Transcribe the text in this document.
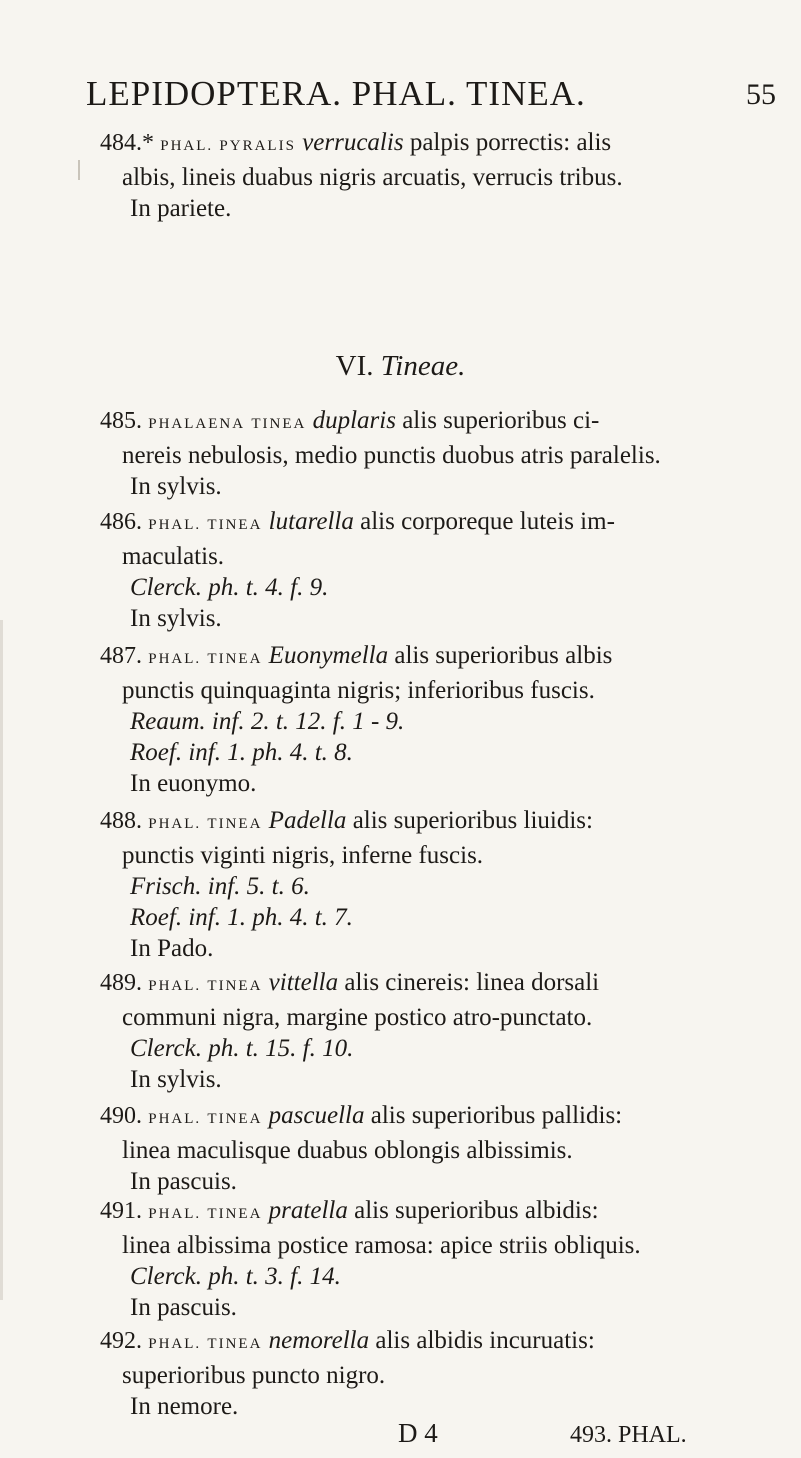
LEPIDOPTERA. PHAL. TINEA.	55
484.* PHAL. PYRALIS verrucalis palpis porrectis: alis
albis, lineis duabus nigris arcuatis, verrucis tribus.
In pariete.
VI. Tineae.
485. PHALAENA TINEA duplaris alis superioribus ci-
nereis nebulosis, medio punctis duobus atris paralelis.
In sylvis.
486. PHAL. TINEA lutarella alis corporeque luteis im-
maculatis.
Clerck. ph. t. 4. f. 9.
In sylvis.
487. PHAL. TINEA Euonymella alis superioribus albis
punctis quinquaginta nigris; inferioribus fuscis.
Reaum. inf. 2. t. 12. f. 1 - 9.
Roef. inf. 1. ph. 4. t. 8.
In euonymo.
488. PHAL. TINEA Padella alis superioribus liuidis:
punctis viginti nigris, inferne fuscis.
Frisch. inf. 5. t. 6.
Roef. inf. 1. ph. 4. t. 7.
In Pado.
489. PHAL. TINEA vittella alis cinereis: linea dorsali
communi nigra, margine postico atro-punctato.
Clerck. ph. t. 15. f. 10.
In sylvis.
490. PHAL. TINEA pascuella alis superioribus pallidis:
linea maculisque duabus oblongis albissimis.
In pascuis.
491. PHAL. TINEA pratella alis superioribus albidis:
linea albissima postice ramosa: apice striis obliquis.
Clerck. ph. t. 3. f. 14.
In pascuis.
492. PHAL. TINEA nemorella alis albidis incuruatis:
superioribus puncto nigro.
In nemore.
D 4	493. PHAL.
